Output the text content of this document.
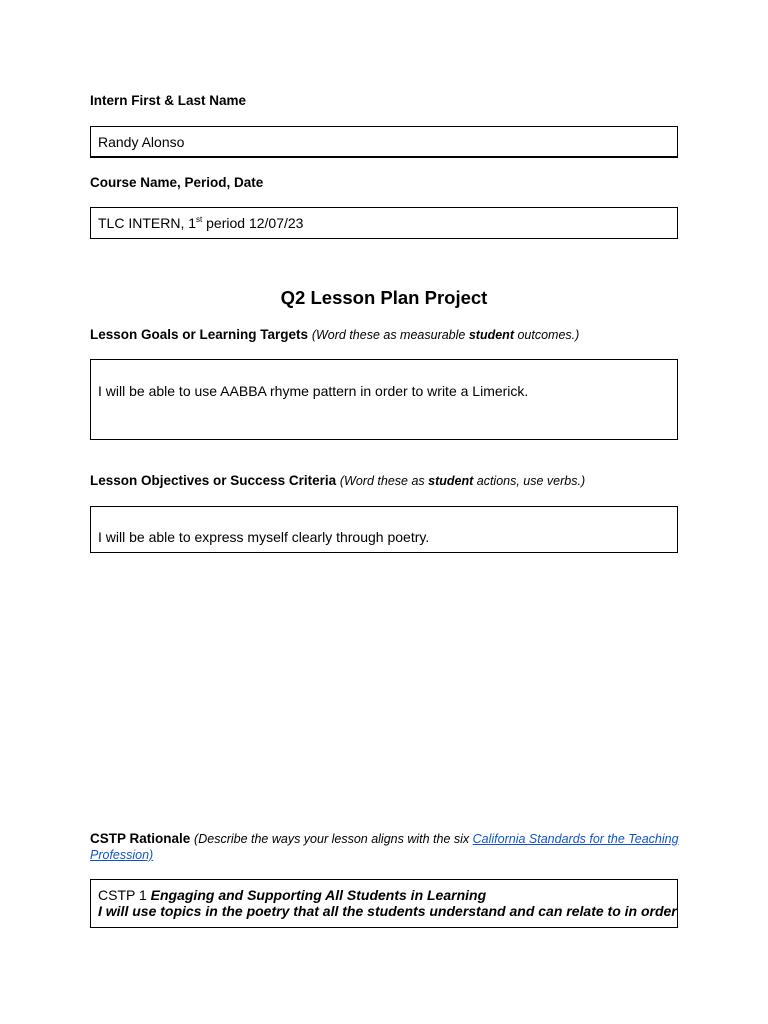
Intern First & Last Name
Randy Alonso
Course Name, Period, Date
TLC INTERN, 1st period 12/07/23
Q2 Lesson Plan Project
Lesson Goals or Learning Targets (Word these as measurable student outcomes.)
I will be able to use AABBA rhyme pattern in order to write a Limerick.
Lesson Objectives or Success Criteria (Word these as student actions, use verbs.)
I will be able to express myself clearly through poetry.
CSTP Rationale (Describe the ways your lesson aligns with the six California Standards for the Teaching Profession)
CSTP 1 Engaging and Supporting All Students in Learning
I will use topics in the poetry that all the students understand and can relate to in order
